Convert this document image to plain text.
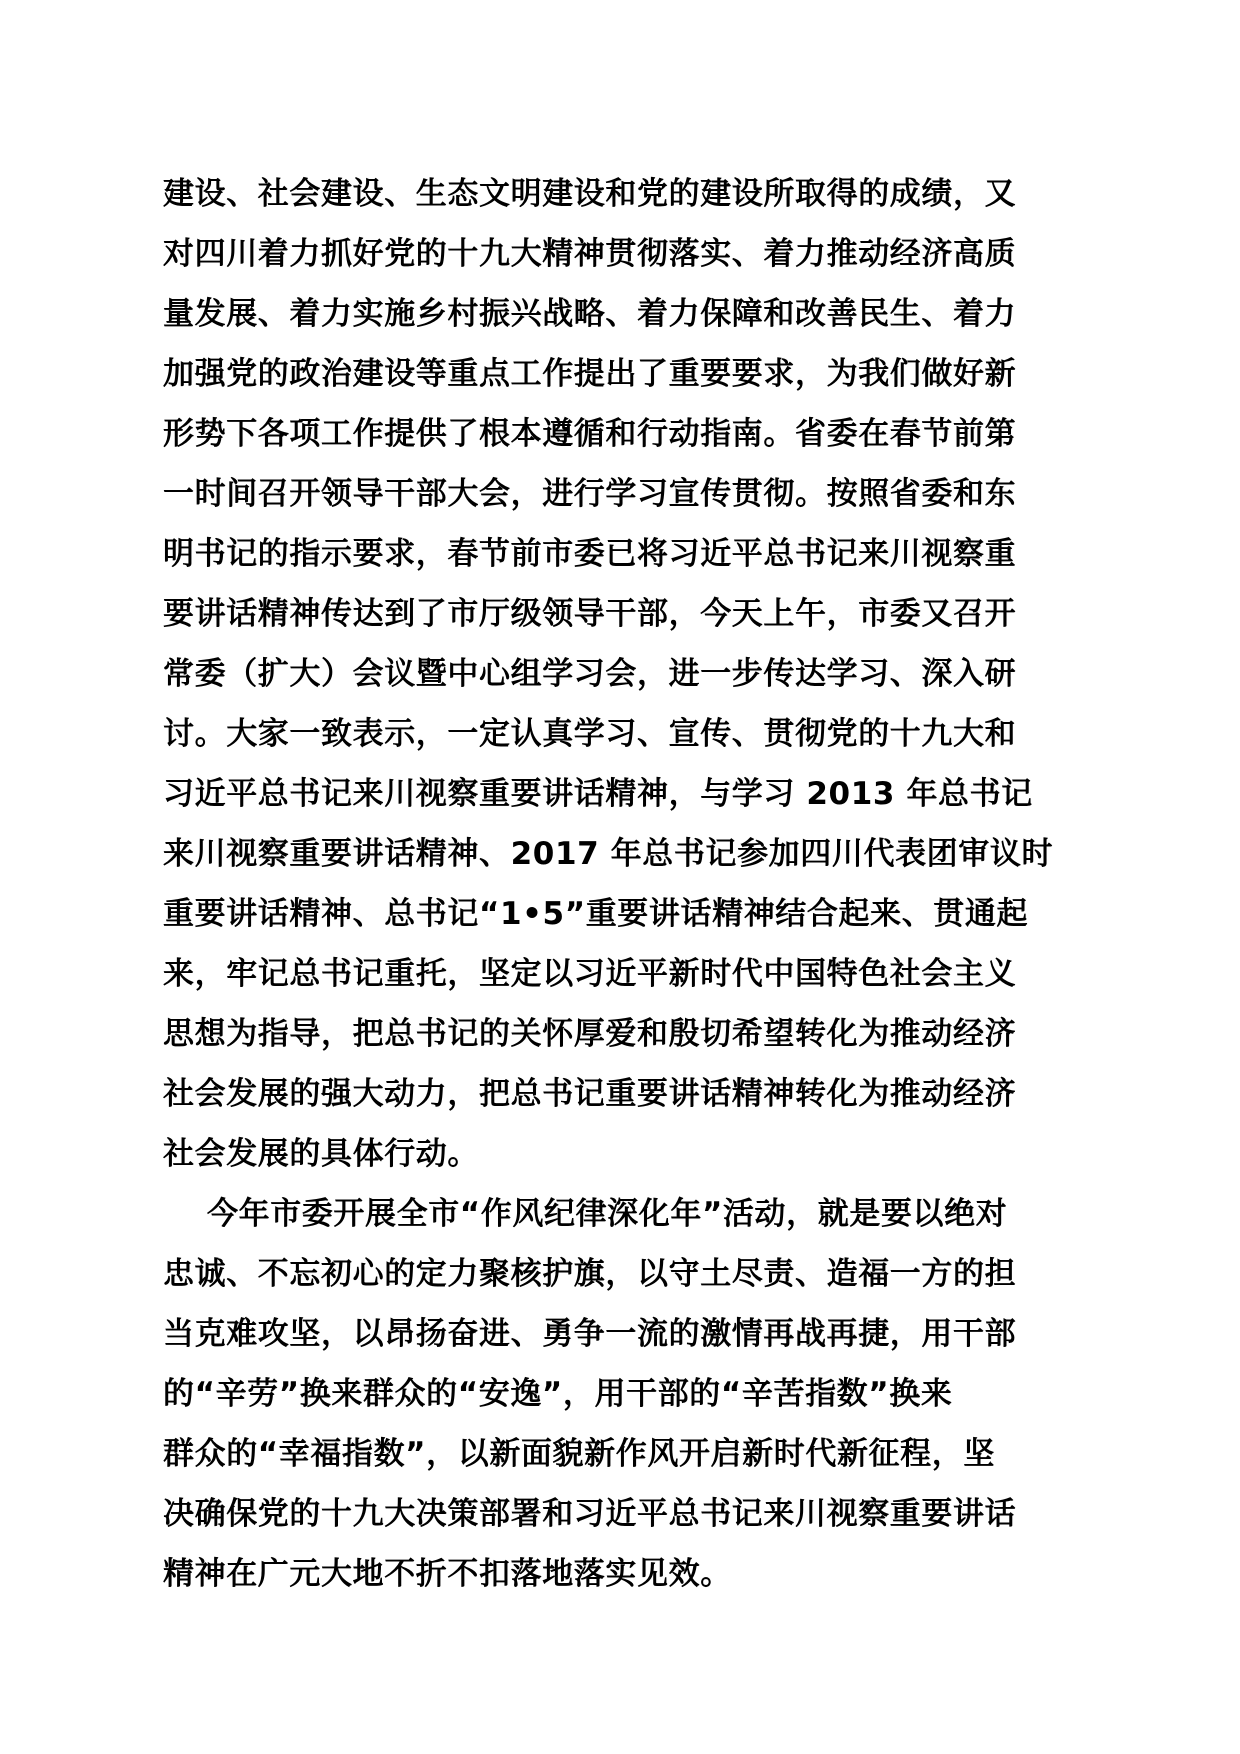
建设、社会建设、生态文明建设和党的建设所取得的成绩，又
对四川着力抓好党的十九大精神贯彻落实、着力推动经济高质
量发展、着力实施乡村振兴战略、着力保障和改善民生、着力
加强党的政治建设等重点工作提出了重要要求，为我们做好新
形势下各项工作提供了根本遵循和行动指南。省委在春节前第
一时间召开领导干部大会，进行学习宣传贯彻。按照省委和东
明书记的指示要求，春节前市委已将习近平总书记来川视察重
要讲话精神传达到了市厅级领导干部，今天上午，市委又召开
常委（扩大）会议暨中心组学习会，进一步传达学习、深入研
讨。大家一致表示，一定认真学习、宣传、贯彻党的十九大和
习近平总书记来川视察重要讲话精神，与学习 2013 年总书记
来川视察重要讲话精神、2017 年总书记参加四川代表团审议时
重要讲话精神、总书记“1•5”重要讲话精神结合起来、贯通起
来，牢记总书记重托，坚定以习近平新时代中国特色社会主义
思想为指导，把总书记的关怀厚爱和殷切希望转化为推动经济
社会发展的强大动力，把总书记重要讲话精神转化为推动经济
社会发展的具体行动。
今年市委开展全市“作风纪律深化年”活动，就是要以绝对
忠诚、不忘初心的定力聚核护旗，以守土尽责、造福一方的担
当克难攻坚，以昂扬奋进、勇争一流的激情再战再捷，用干部
的“辛劳”换来群众的“安逸”，用干部的“辛苦指数”换来
群众的“幸福指数”，以新面貌新作风开启新时代新征程，坚
决确保党的十九大决策部署和习近平总书记来川视察重要讲话
精神在广元大地不折不扣落地落实见效。
